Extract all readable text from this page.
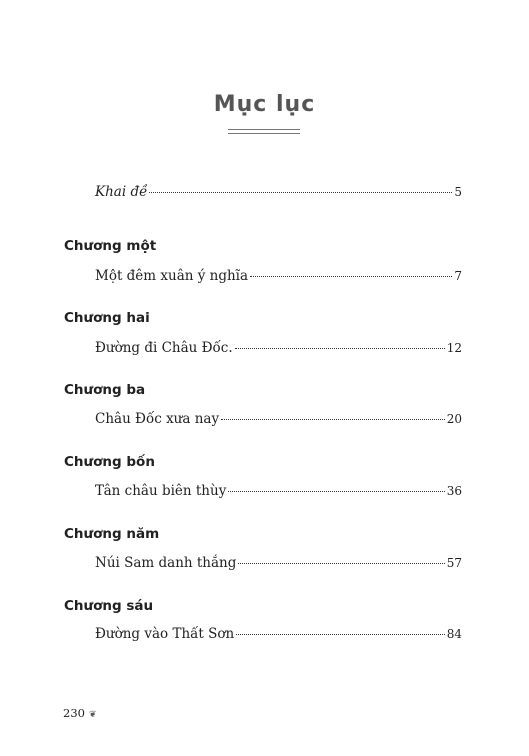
Mục lục
Khai đề	5
Chương một
Một đêm xuân ý nghĩa	7
Chương hai
Đường đi Châu Đốc.	12
Chương ba
Châu Đốc xưa nay	20
Chương bốn
Tân châu biên thùy	36
Chương năm
Núi Sam danh thắng	57
Chương sáu
Đường vào Thất Sơn	84
230 ❦
